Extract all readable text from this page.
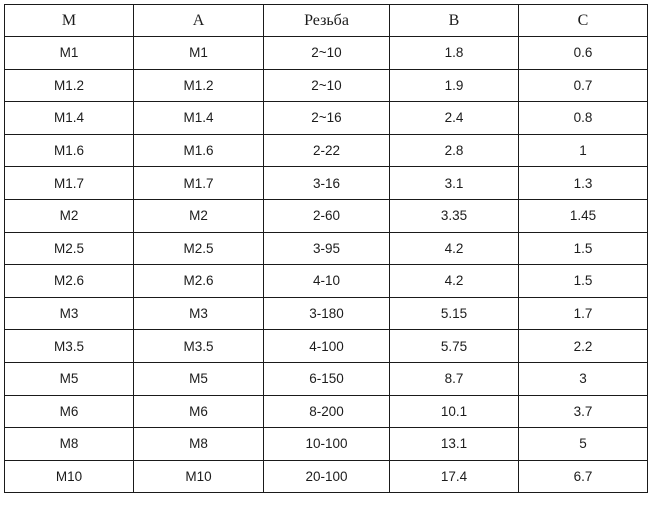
M	A	Резьба	B	C
M1	M1	2~10	1.8	0.6
M1.2	M1.2	2~10	1.9	0.7
M1.4	M1.4	2~16	2.4	0.8
M1.6	M1.6	2-22	2.8	1
M1.7	M1.7	3-16	3.1	1.3
M2	M2	2-60	3.35	1.45
M2.5	M2.5	3-95	4.2	1.5
M2.6	M2.6	4-10	4.2	1.5
M3	M3	3-180	5.15	1.7
M3.5	M3.5	4-100	5.75	2.2
M5	M5	6-150	8.7	3
M6	M6	8-200	10.1	3.7
M8	M8	10-100	13.1	5
M10	M10	20-100	17.4	6.7
